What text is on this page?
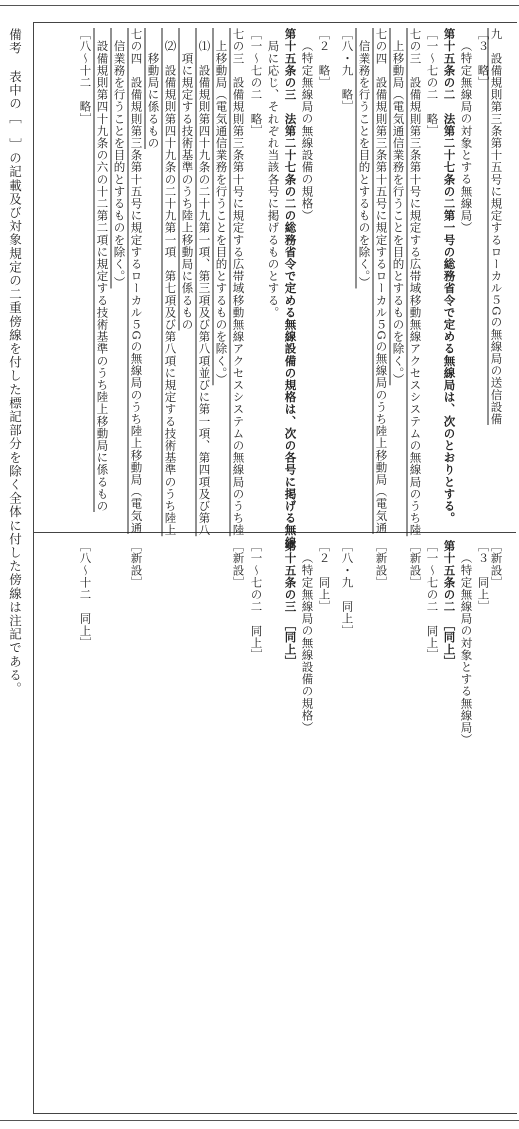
備考
表中の［　］の記載及び対象規定の二重傍線を付した標記部分を除く全体に付した傍線は注記である。	九　設備規則第三条第十五号に規定するローカル５Gの無線局の送信設備
［３　略］
（特定無線局の対象とする無線局）
第十五条の二　法第二十七条の二第一号の総務省令で定める無線局は、次のとおりとする。
［一～七の二　略］
七の三　設備規則第三条第十号に規定する広帯域移動無線アクセスシステムの無線局のうち陸
　上移動局（電気通信業務を行うことを目的とするものを除く。）
七の四　設備規則第三条第十五号に規定するローカル５Gの無線局のうち陸上移動局（電気通
　信業務を行うことを目的とするものを除く。）
［八・九　略］
［２　略］
（特定無線局の無線設備の規格）
第十五条の三　法第二十七条の二の総務省令で定める無線設備の規格は、次の各号に掲げる無線
　局に応じ、それぞれ当該各号に掲げるものとする。
［一～七の二　略］
七の三　設備規則第三条第十号に規定する広帯域移動無線アクセスシステムの無線局のうち陸
　上移動局（電気通信業務を行うことを目的とするものを除く。）
　⑴　設備規則第四十九条の二十九第一項、第三項及び第八項並びに第一項、第四項及び第八
　　項に規定する技術基準のうち陸上移動局に係るもの
　⑵　設備規則第四十九条の二十九第一項　第七項及び第八項に規定する技術基準のうち陸上
　　移動局に係るもの
七の四　設備規則第三条第十五号に規定するローカル５Gの無線局のうち陸上移動局（電気通
　信業務を行うことを目的とするものを除く。）
　設備規則第四十九条の六の十二第二項に規定する技術基準のうち陸上移動局に係るもの
［八～十二　略］
［新設］
［３　同上］
（特定無線局の対象とする無線局）
第十五条の二　［同上］
［一～七の二　同上］
［新設］
［新設］
［八・九　同上］
［２　同上］
（特定無線局の無線設備の規格）
第十五条の三　［同上］
［一～七の二　同上］
［新設］
［新設］
［八～十二　同上］
